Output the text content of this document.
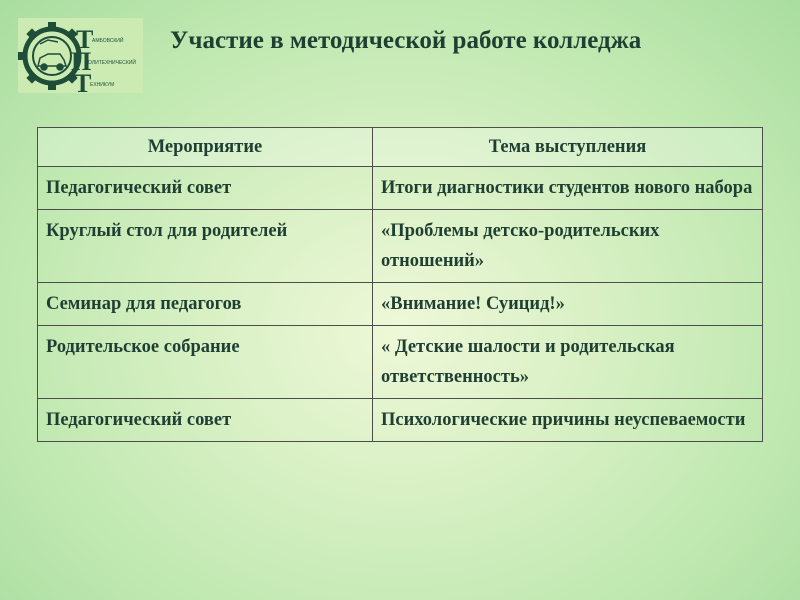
Т
П
Т
АМБОВСКИЙ
ОЛИТЕХНИЧЕСКИЙ
ЕХНИКУМ
Участие в методической работе колледжа
Мероприятие	Тема выступления
Педагогический совет	Итоги диагностики студентов нового набора
Круглый стол для родителей	«Проблемы детско-родительских отношений»
Семинар для педагогов	«Внимание! Суицид!»
Родительское собрание	« Детские шалости и родительская ответственность»
Педагогический совет	Психологические причины неуспеваемости
